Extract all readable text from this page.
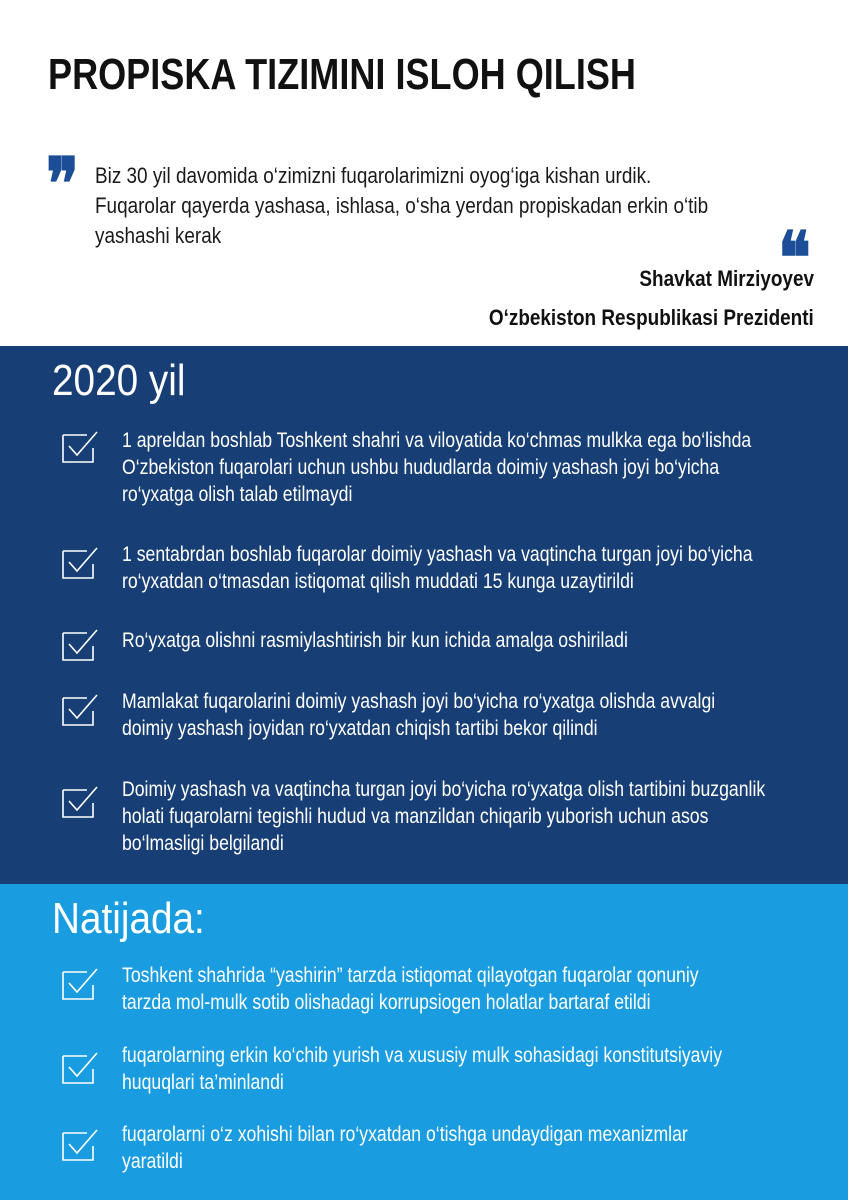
PROPISKA TIZIMINI ISLOH QILISH
❞ Biz 30 yil davomida o‘zimizni fuqarolarimizni oyog‘iga kishan urdik.
Fuqarolar qayerda yashasa, ishlasa, o‘sha yerdan propiskadan erkin o‘tib
yashashi kerak	❝
Shavkat Mirziyoyev
O‘zbekiston Respublikasi Prezidenti
2020 yil
Natijada:
1 apreldan boshlab Toshkent shahri va viloyatida ko‘chmas mulkka ega bo‘lishda
O‘zbekiston fuqarolari uchun ushbu hududlarda doimiy yashash joyi bo‘yicha
ro‘yxatga olish talab etilmaydi
1 sentabrdan boshlab fuqarolar doimiy yashash va vaqtincha turgan joyi bo‘yicha
ro‘yxatdan o‘tmasdan istiqomat qilish muddati 15 kunga uzaytirildi
Ro‘yxatga olishni rasmiylashtirish bir kun ichida amalga oshiriladi
Mamlakat fuqarolarini doimiy yashash joyi bo‘yicha ro‘yxatga olishda avvalgi
doimiy yashash joyidan ro‘yxatdan chiqish tartibi bekor qilindi
Doimiy yashash va vaqtincha turgan joyi bo‘yicha ro‘yxatga olish tartibini buzganlik
holati fuqarolarni tegishli hudud va manzildan chiqarib yuborish uchun asos
bo‘lmasligi belgilandi
Toshkent shahrida “yashirin” tarzda istiqomat qilayotgan fuqarolar qonuniy
tarzda mol-mulk sotib olishadagi korrupsiogen holatlar bartaraf etildi
fuqarolarning erkin ko‘chib yurish va xususiy mulk sohasidagi konstitutsiyaviy
huquqlari ta’minlandi
fuqarolarni o‘z xohishi bilan ro‘yxatdan o‘tishga undaydigan mexanizmlar
yaratildi
